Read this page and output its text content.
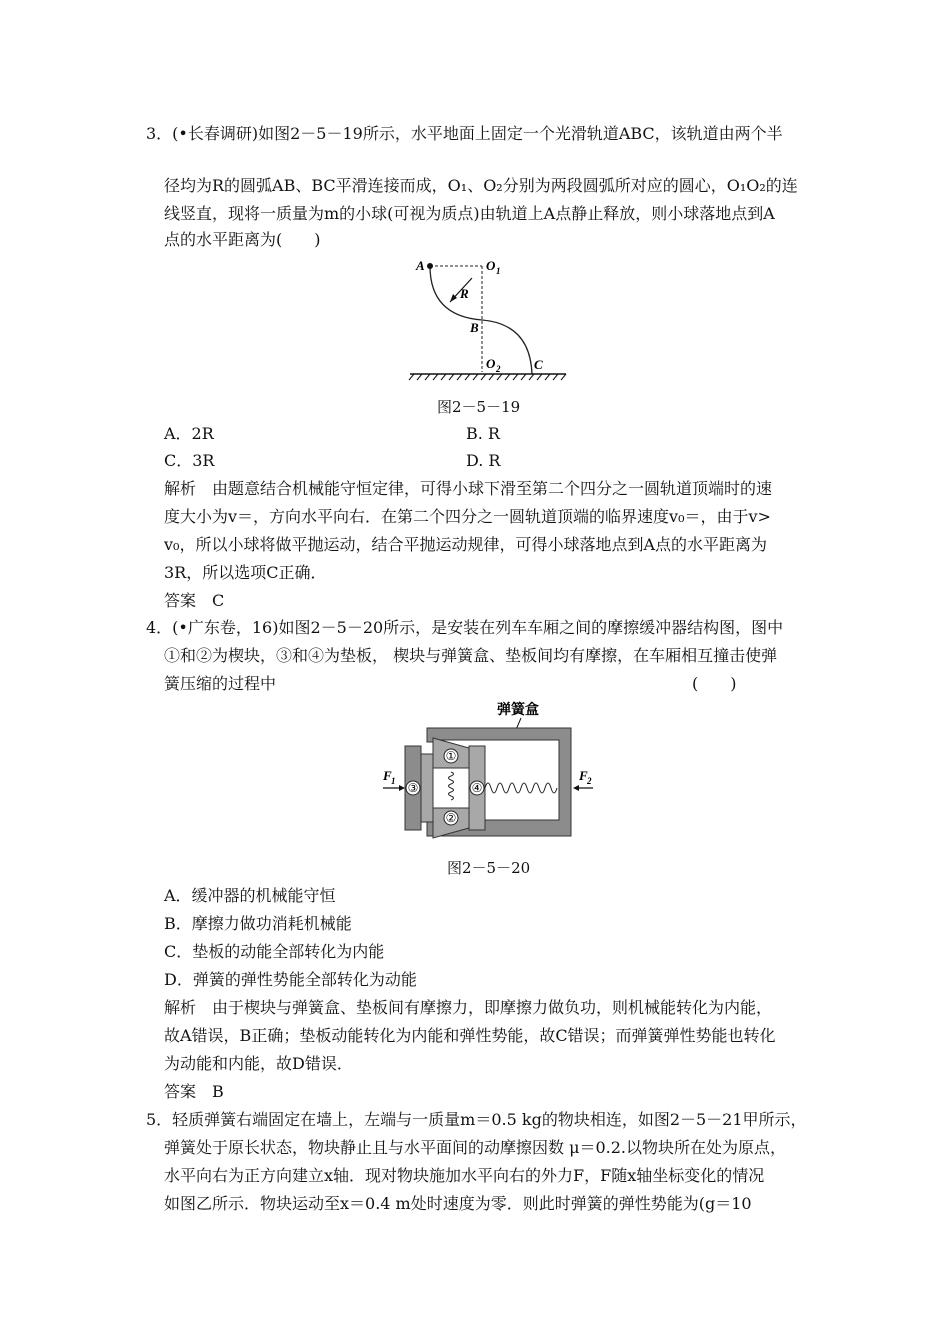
3．(•长春调研)如图2－5－19所示，水平地面上固定一个光滑轨道ABC，该轨道由两个半
径均为R的圆弧AB、BC平滑连接而成，O₁、O₂分别为两段圆弧所对应的圆心，O₁O₂的连
线竖直，现将一质量为m的小球(可视为质点)由轨道上A点静止释放，则小球落地点到A
点的水平距离为(　　)
A	O 1
R
B
O 2	C
图2－5－19
A．2R	B. R
C．3R	D. R
解析　由题意结合机械能守恒定律，可得小球下滑至第二个四分之一圆轨道顶端时的速
度大小为v＝，方向水平向右．在第二个四分之一圆轨道顶端的临界速度v₀＝，由于v>
v₀，所以小球将做平抛运动，结合平抛运动规律，可得小球落地点到A点的水平距离为
3R，所以选项C正确．
答案　C
4．(•广东卷，16)如图2－5－20所示，是安装在列车车厢之间的摩擦缓冲器结构图，图中
①和②为楔块，③和④为垫板， 楔块与弹簧盒、垫板间均有摩擦，在车厢相互撞击使弹
簧压缩的过程中　　　　　　　　　　　　　　　　　　　　　　　　　　(　　)
弹簧盒
①
②
③	④
F 1	F 2
图2－5－20
A．缓冲器的机械能守恒
B．摩擦力做功消耗机械能
C．垫板的动能全部转化为内能
D．弹簧的弹性势能全部转化为动能
解析　由于楔块与弹簧盒、垫板间有摩擦力，即摩擦力做负功，则机械能转化为内能，
故A错误，B正确；垫板动能转化为内能和弹性势能，故C错误；而弹簧弹性势能也转化
为动能和内能，故D错误．
答案　B
5．轻质弹簧右端固定在墙上，左端与一质量m＝0.5 kg的物块相连，如图2－5－21甲所示，
弹簧处于原长状态，物块静止且与水平面间的动摩擦因数 μ＝0.2.以物块所在处为原点，
水平向右为正方向建立x轴．现对物块施加水平向右的外力F，F随x轴坐标变化的情况
如图乙所示．物块运动至x＝0.4 m处时速度为零．则此时弹簧的弹性势能为(g＝10
